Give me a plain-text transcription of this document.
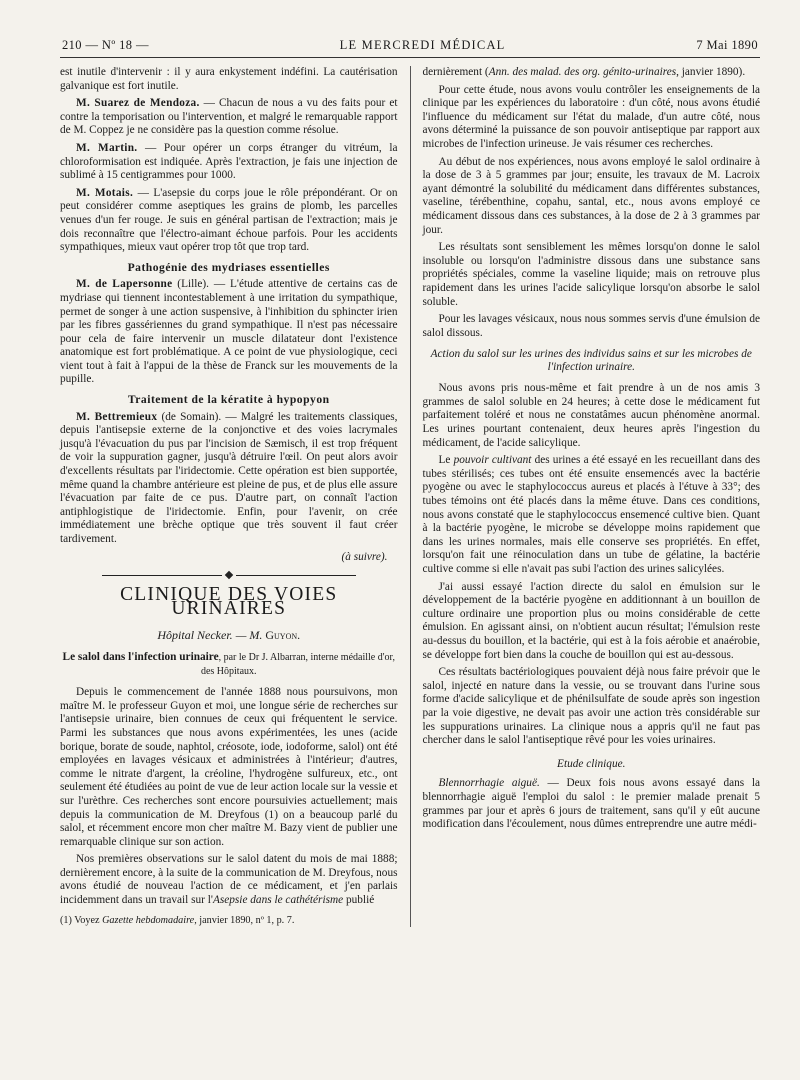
210 — Nº 18 —	LE MERCREDI MÉDICAL	7 Mai 1890

est inutile d'intervenir : il y aura enkystement indéfini. La cautérisation galvanique est fort inutile.

M. Suarez de Mendoza. — Chacun de nous a vu des faits pour et contre la temporisation ou l'intervention, et malgré le remarquable rapport de M. Coppez je ne considère pas la question comme résolue.

M. Martin. — Pour opérer un corps étranger du vitréum, la chloroformisation est indiquée. Après l'extraction, je fais une injection de sublimé à 15 centigrammes pour 1000.

M. Motais. — L'asepsie du corps joue le rôle prépondérant. Or on peut considérer comme aseptiques les grains de plomb, les parcelles venues d'un fer rouge. Je suis en général partisan de l'extraction; mais je dois reconnaître que l'électro-aimant échoue parfois. Pour les accidents sympathiques, mieux vaut opérer trop tôt que trop tard.

Pathogénie des mydriases essentielles

M. de Lapersonne (Lille). — L'étude attentive de certains cas de mydriase qui tiennent incontestablement à une irritation du sympathique, permet de songer à une action suspensive, à l'inhibition du sphincter irien par les fibres gassériennes du grand sympathique. Il n'est pas nécessaire pour cela de faire intervenir un muscle dilatateur dont l'existence anatomique est fort problématique. A ce point de vue physiologique, ceci vient tout à fait à l'appui de la thèse de Franck sur les mouvements de la pupille.

Traitement de la kératite à hypopyon

M. Bettremieux (de Somain). — Malgré les traitements classiques, depuis l'antisepsie externe de la conjonctive et des voies lacrymales jusqu'à l'évacuation du pus par l'incision de Sæmisch, il est trop fréquent de voir la suppuration gagner, jusqu'à détruire l'œil. On peut alors avoir d'excellents résultats par l'iridectomie. Cette opération est bien supportée, même quand la chambre antérieure est pleine de pus, et de plus elle assure l'évacuation par faite de ce pus. D'autre part, on connaît l'action antiphlogistique de l'iridectomie. Enfin, pour l'avenir, on crée immédiatement une brèche optique que très souvent il faut créer tardivement.

(à suivre).
CLINIQUE DES VOIES URINAIRES
Hôpital Necker. — M. Guyon.
Le salol dans l'infection urinaire, par le Dr J. Albarran, interne médaille d'or, des Hôpitaux.

Depuis le commencement de l'année 1888 nous poursuivons, mon maître M. le professeur Guyon et moi, une longue série de recherches sur l'antisepsie urinaire, bien connues de ceux qui fréquentent le service. Parmi les substances que nous avons expérimentées, les unes (acide borique, borate de soude, naphtol, créosote, iode, iodoforme, salol) ont été employées en lavages vésicaux et administrées à l'intérieur; d'autres, comme le nitrate d'argent, la créoline, l'hydrogène sulfureux, etc., ont seulement été étudiées au point de vue de leur action locale sur la vessie et sur l'urèthre. Ces recherches sont encore poursuivies actuellement; mais depuis la communication de M. Dreyfous (1) on a beaucoup parlé du salol, et récemment encore mon cher maître M. Bazy vient de publier une remarquable clinique sur son action.

Nos premières observations sur le salol datent du mois de mai 1888; dernièrement encore, à la suite de la communication de M. Dreyfous, nous avons étudié de nouveau l'action de ce médicament, et j'en parlais incidemment dans un travail sur l'Asepsie dans le cathétérisme publié

(1) Voyez Gazette hebdomadaire, janvier 1890, nº 1, p. 7.

dernièrement (Ann. des malad. des org. génito-urinaires, janvier 1890).

Pour cette étude, nous avons voulu contrôler les enseignements de la clinique par les expériences du laboratoire : d'un côté, nous avons étudié l'influence du médicament sur l'état du malade, d'un autre côté, nous avons déterminé la puissance de son pouvoir antiseptique par rapport aux microbes de l'infection urineuse. Je vais résumer ces recherches.

Au début de nos expériences, nous avons employé le salol ordinaire à la dose de 3 à 5 grammes par jour; ensuite, les travaux de M. Lacroix ayant démontré la solubilité du médicament dans différentes substances, vaseline, térébenthine, copahu, santal, etc., nous avons employé ce médicament dissous dans ces substances, à la dose de 2 à 3 grammes par jour.

Les résultats sont sensiblement les mêmes lorsqu'on donne le salol insoluble ou lorsqu'on l'administre dissous dans une substance sans propriétés spéciales, comme la vaseline liquide; mais on retrouve plus rapidement dans les urines l'acide salicylique lorsqu'on absorbe le salol soluble.

Pour les lavages vésicaux, nous nous sommes servis d'une émulsion de salol dissous.

Action du salol sur les urines des individus sains et sur les microbes de l'infection urinaire.

Nous avons pris nous-même et fait prendre à un de nos amis 3 grammes de salol soluble en 24 heures; à cette dose le médicament fut parfaitement toléré et nous ne constatâmes aucun phénomène anormal. Les urines pourtant contenaient, deux heures après l'ingestion du médicament, de l'acide salicylique.

Le pouvoir cultivant des urines a été essayé en les recueillant dans des tubes stérilisés; ces tubes ont été ensuite ensemencés avec la bactérie pyogène ou avec le staphylococcus aureus et placés à l'étuve à 33°; des tubes témoins ont été placés dans la même étuve. Dans ces conditions, nous avons constaté que le staphylococcus ensemencé cultive bien. Quant à la bactérie pyogène, le microbe se développe moins rapidement que dans les urines normales, mais elle conserve ses propriétés. En effet, lorsqu'on fait une réinoculation dans un tube de gélatine, la bactérie cultive comme si elle n'avait pas subi l'action des urines salicylées.

J'ai aussi essayé l'action directe du salol en émulsion sur le développement de la bactérie pyogène en additionnant à un bouillon de culture ordinaire une proportion plus ou moins considérable de cette émulsion. En agissant ainsi, on n'obtient aucun résultat; l'émulsion reste au-dessus du bouillon, et la bactérie, qui est à la fois aérobie et anaérobie, se développe fort bien dans la couche de bouillon qui est au-dessous.

Ces résultats bactériologiques pouvaient déjà nous faire prévoir que le salol, injecté en nature dans la vessie, ou se trouvant dans l'urine sous forme d'acide salicylique et de phénilsulfate de soude après son ingestion par la voie digestive, ne devait pas avoir une action très considérable sur les suppurations urinaires. La clinique nous a appris qu'il ne faut pas chercher dans le salol l'antiseptique rêvé pour les voies urinaires.

Etude clinique.

Blennorrhagie aiguë. — Deux fois nous avons essayé dans la blennorrhagie aiguë l'emploi du salol : le premier malade prenait 5 grammes par jour et après 6 jours de traitement, sans qu'il y eût aucune modification dans l'écoulement, nous dûmes entreprendre une autre médi-
